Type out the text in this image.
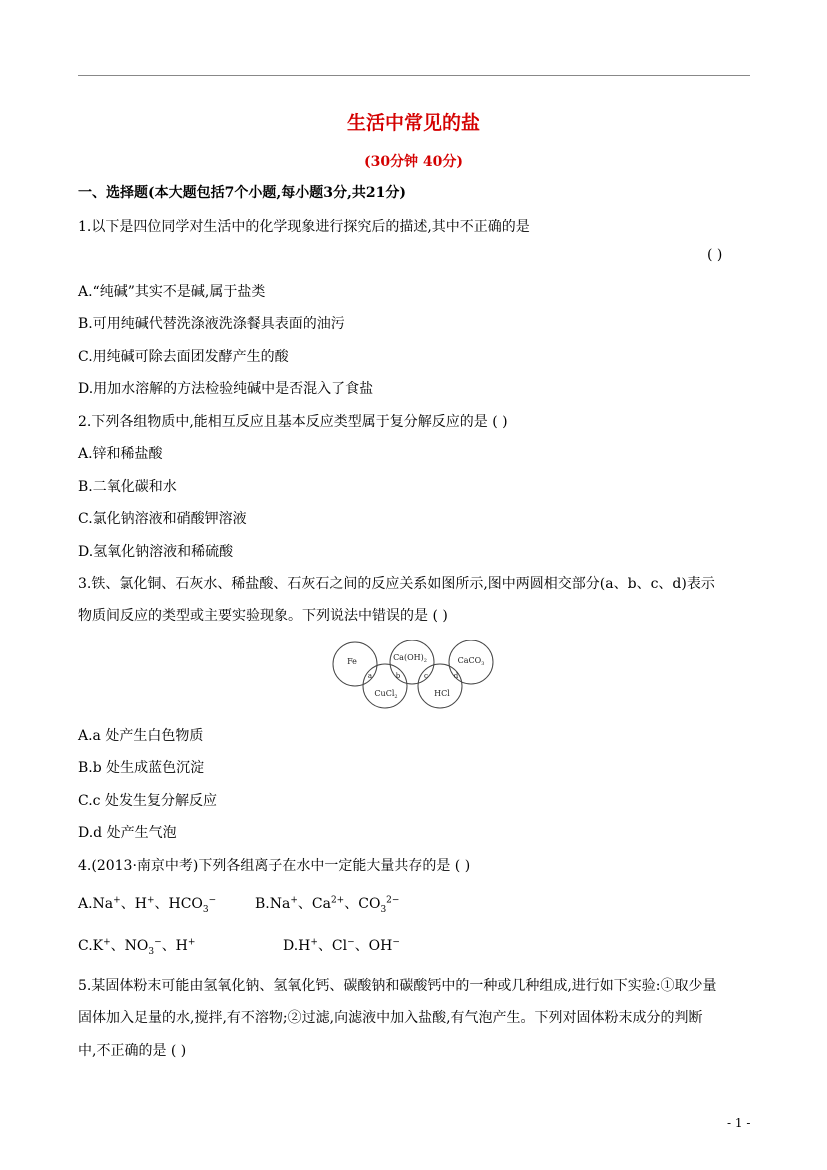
生活中常见的盐
(30分钟 40分)
一、选择题(本大题包括7个小题,每小题3分,共21分)
1.以下是四位同学对生活中的化学现象进行探究后的描述,其中不正确的是
( )
A.“纯碱”其实不是碱,属于盐类
B.可用纯碱代替洗涤液洗涤餐具表面的油污
C.用纯碱可除去面团发酵产生的酸
D.用加水溶解的方法检验纯碱中是否混入了食盐
2.下列各组物质中,能相互反应且基本反应类型属于复分解反应的是 ( )
A.锌和稀盐酸
B.二氧化碳和水
C.氯化钠溶液和硝酸钾溶液
D.氢氧化钠溶液和稀硫酸
3.铁、氯化铜、石灰水、稀盐酸、石灰石之间的反应关系如图所示,图中两圆相交部分(a、b、c、d)表示
物质间反应的类型或主要实验现象。下列说法中错误的是 ( )
Fe	$Ca(OH)_2$	CaCO$_3$
CuCl$_2$	HCl
a	b	c	d
A.a 处产生白色物质
B.b 处生成蓝色沉淀
C.c 处发生复分解反应
D.d 处产生气泡
4.(2013·南京中考)下列各组离子在水中一定能大量共存的是 ( )
A.Na+、H+、$HCO_3^-$	B.Na+、$Ca^{2+}$、$CO_3^{2-}$
C.K+、$NO_3^-$、H+	D.H+、Cl−、OH−
5.某固体粉末可能由氢氧化钠、氢氧化钙、碳酸钠和碳酸钙中的一种或几种组成,进行如下实验:①取少量
固体加入足量的水,搅拌,有不溶物;②过滤,向滤液中加入盐酸,有气泡产生。下列对固体粉末成分的判断
中,不正确的是 ( )
- 1 -
